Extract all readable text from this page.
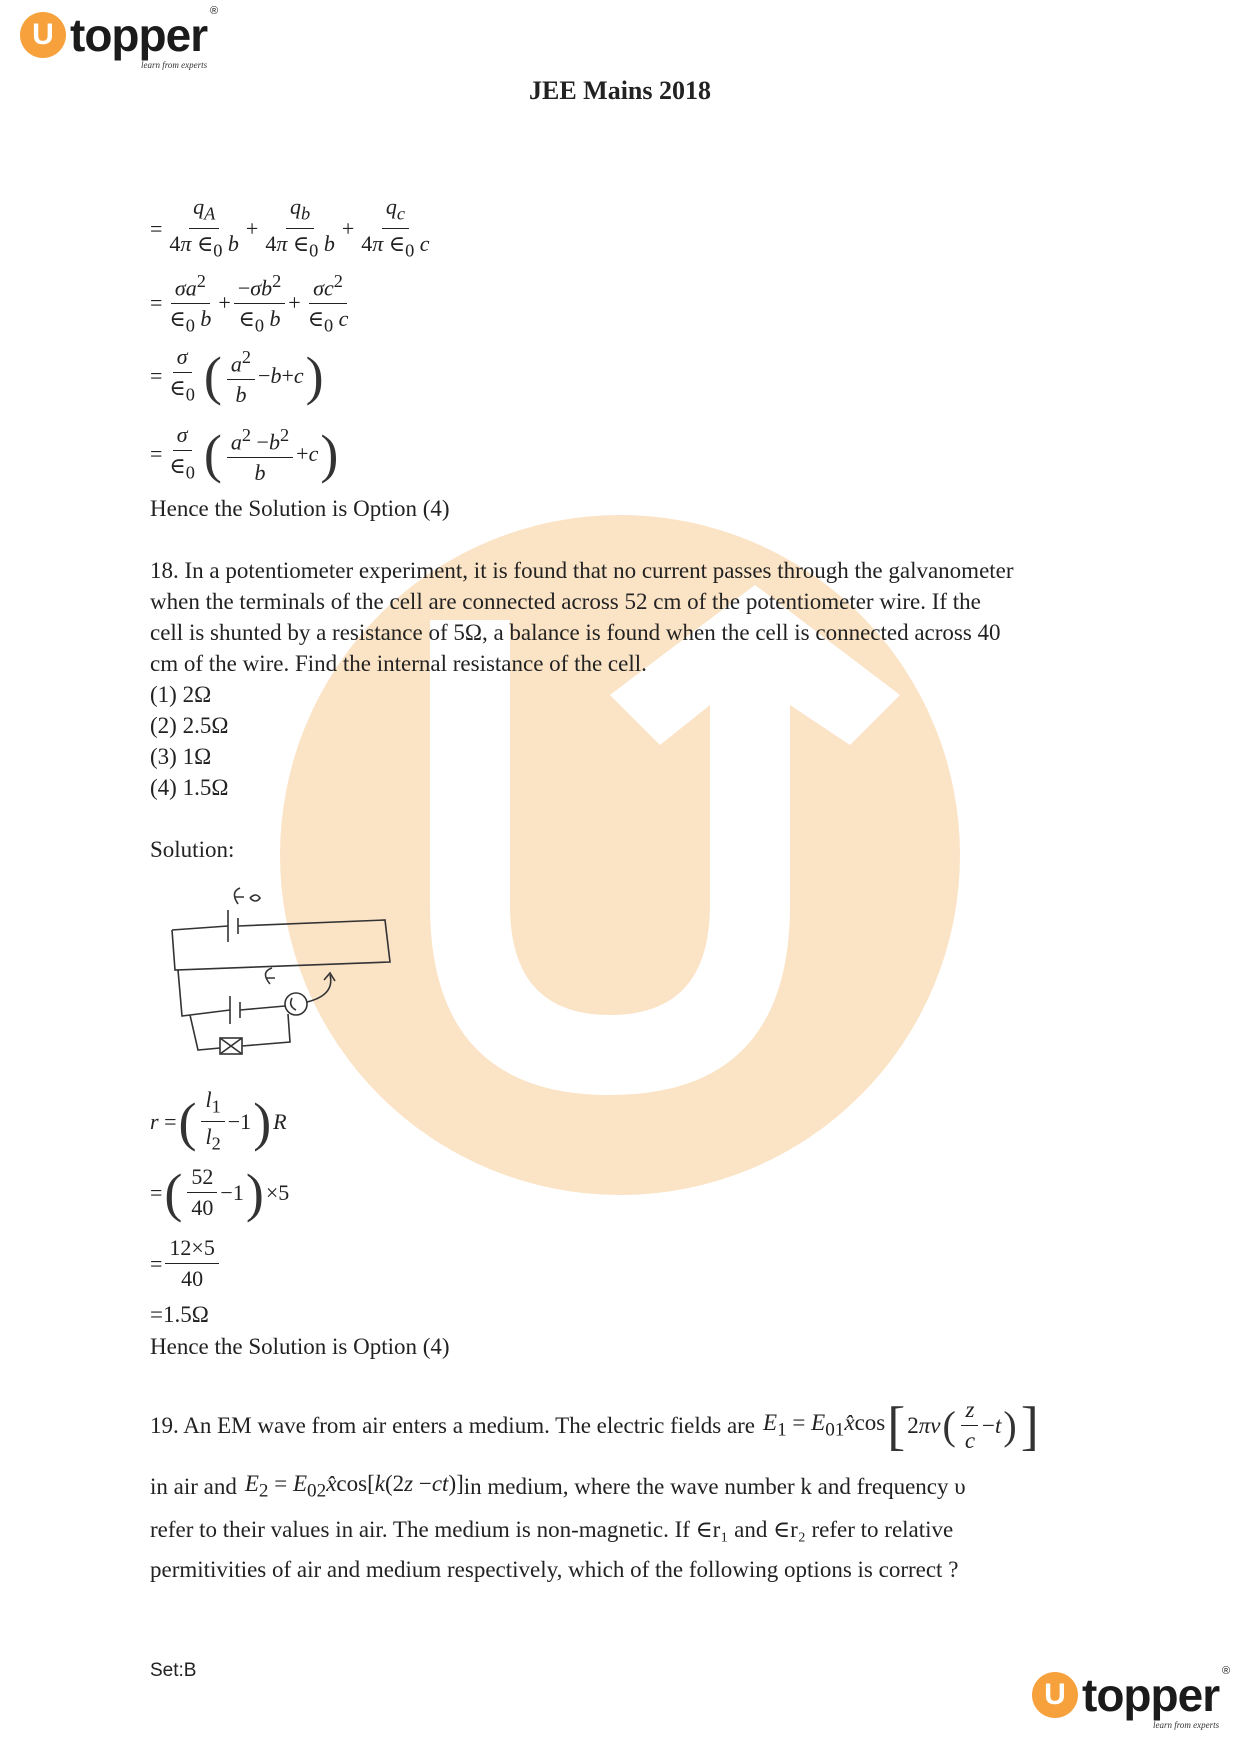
U topper ®
learn from experts
JEE Mains 2018
= $\frac{q_A}{4\pi \in_0 b} + \frac{q_b}{4\pi \in_0 b} + \frac{q_c}{4\pi \in_0 c}$
= $\frac{\sigma a^2}{\in_0 b} + \frac{-\sigma b^2}{\in_0 b} + \frac{\sigma c^2}{\in_0 c}$
= $\frac{\sigma}{\in_0}$ ( $\frac{a^2}{b} -b+c$ )
= $\frac{\sigma}{\in_0}$ ( $\frac{a^2 -b^2}{b} +c$ )
Hence the Solution is Option (4)
18. In a potentiometer experiment, it is found that no current passes through the galvanometer
when the terminals of the cell are connected across 52 cm of the potentiometer wire. If the
cell is shunted by a resistance of 5Ω, a balance is found when the cell is connected across 40
cm of the wire. Find the internal resistance of the cell.
(1) 2Ω
(2) 2.5Ω
(3) 1Ω
(4) 1.5Ω
Solution:
r = ( $\frac{l_1}{l_2} -1$ ) R
= ( $\frac{52}{40} -1$ ) ×5
= $\frac{12\times 5}{40}$
=1.5Ω
Hence the Solution is Option (4)
19. An EM wave from air enters a medium. The electric fields are $E_1$ = $E_{01}x̂\cos$ [ 2πν ( $\frac{z}{c} -t$ ) ]
in air and $E_2$ = $E_{02}x̂\cos[k(2z -ct)]$ in medium, where the wave number k and frequency υ
refer to their values in air. The medium is non-magnetic. If ∈r₁ and ∈r₂ refer to relative
permitivities of air and medium respectively, which of the following options is correct ?
Set:B
U topper ®
learn from experts
